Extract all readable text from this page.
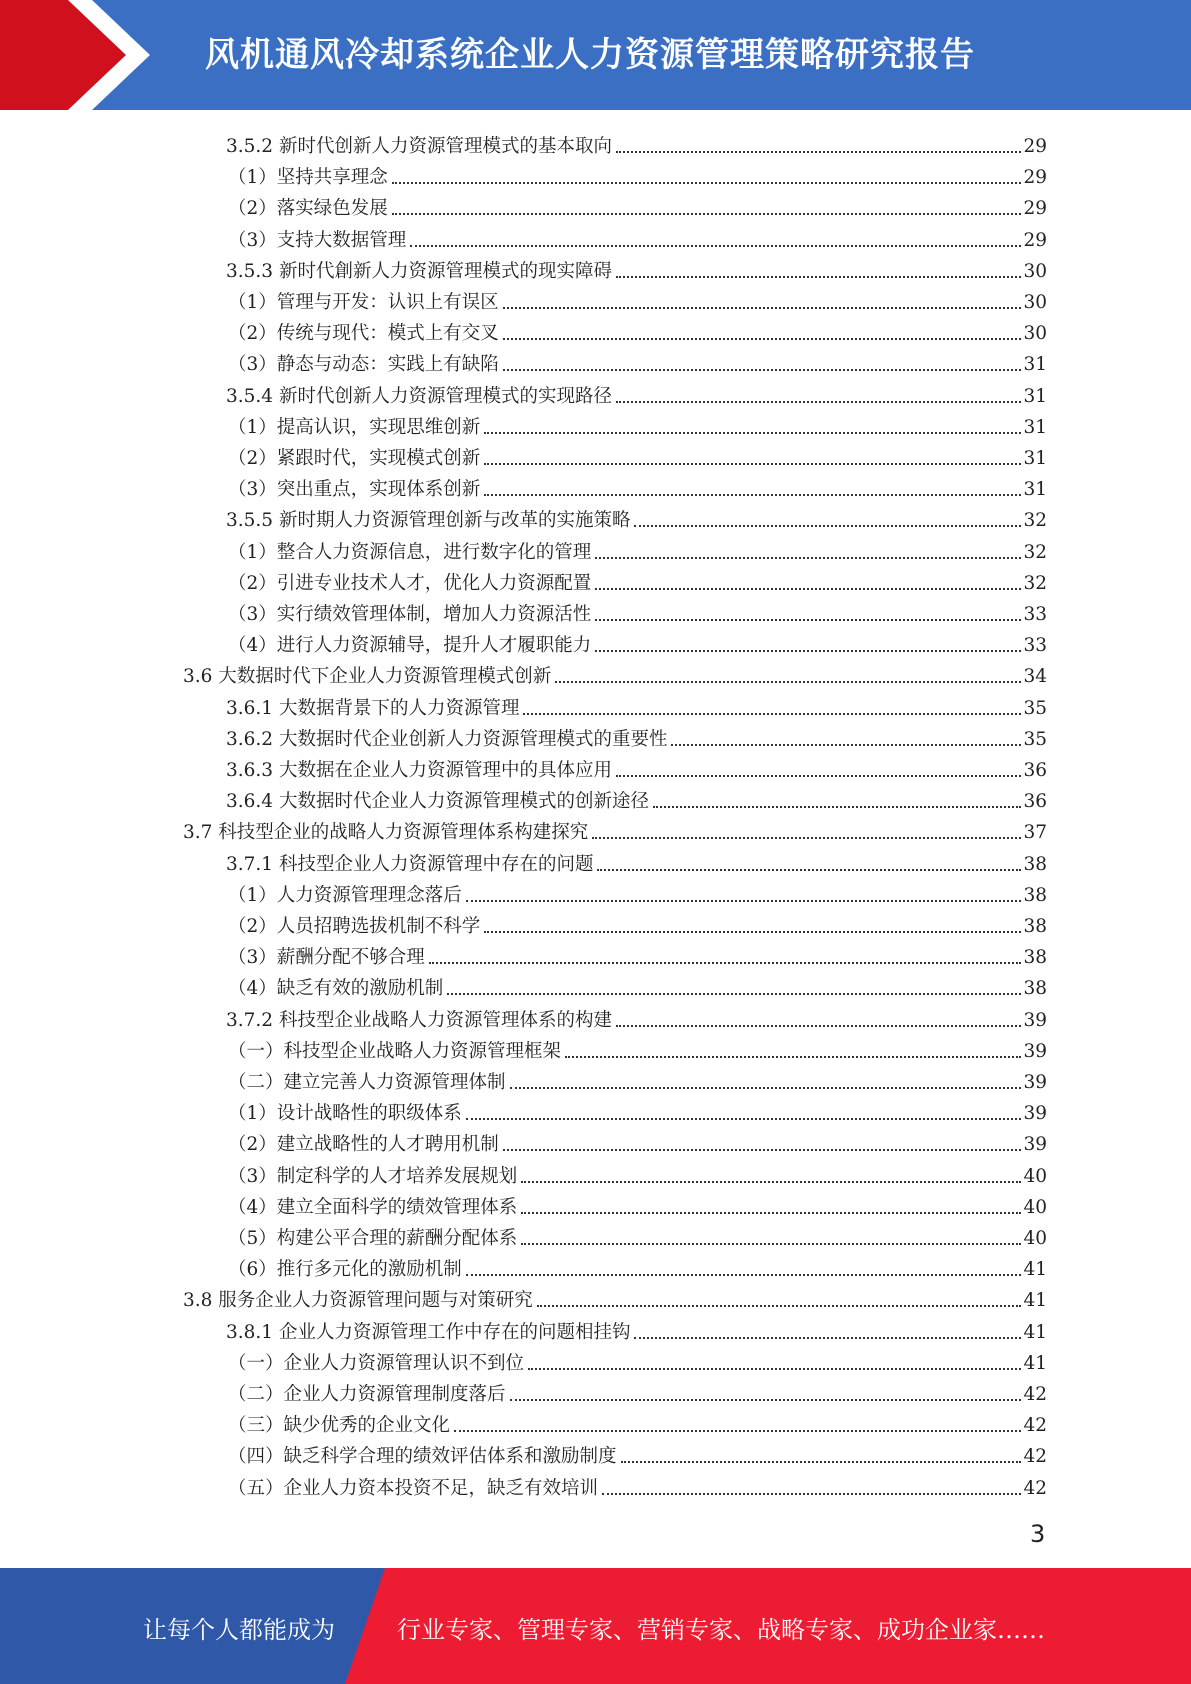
风机通风冷却系统企业人力资源管理策略研究报告
3.5.2 新时代创新人力资源管理模式的基本取向	29
（1）坚持共享理念	29
（2）落实绿色发展	29
（3）支持大数据管理	29
3.5.3 新时代創新人力资源管理模式的现实障碍	30
（1）管理与开发：认识上有误区	30
（2）传统与现代：模式上有交叉	30
（3）静态与动态：实践上有缺陷	31
3.5.4 新时代创新人力资源管理模式的实现路径	31
（1）提高认识，实现思维创新	31
（2）紧跟时代，实现模式创新	31
（3）突出重点，实现体系创新	31
3.5.5 新时期人力资源管理创新与改革的实施策略	32
（1）整合人力资源信息，进行数字化的管理	32
（2）引进专业技术人才，优化人力资源配置	32
（3）实行绩效管理体制，增加人力资源活性	33
（4）进行人力资源辅导，提升人才履职能力	33
3.6 大数据时代下企业人力资源管理模式创新	34
3.6.1 大数据背景下的人力资源管理	35
3.6.2 大数据时代企业创新人力资源管理模式的重要性	35
3.6.3 大数据在企业人力资源管理中的具体应用	36
3.6.4 大数据时代企业人力资源管理模式的创新途径	36
3.7 科技型企业的战略人力资源管理体系构建探究	37
3.7.1 科技型企业人力资源管理中存在的问题	38
（1）人力资源管理理念落后	38
（2）人员招聘选拔机制不科学	38
（3）薪酬分配不够合理	38
（4）缺乏有效的激励机制	38
3.7.2 科技型企业战略人力资源管理体系的构建	39
（一）科技型企业战略人力资源管理框架	39
（二）建立完善人力资源管理体制	39
（1）设计战略性的职级体系	39
（2）建立战略性的人才聘用机制	39
（3）制定科学的人才培养发展规划	40
（4）建立全面科学的绩效管理体系	40
（5）构建公平合理的薪酬分配体系	40
（6）推行多元化的激励机制	41
3.8 服务企业人力资源管理问题与对策研究	41
3.8.1 企业人力资源管理工作中存在的问题相挂钩	41
（一）企业人力资源管理认识不到位	41
（二）企业人力资源管理制度落后	42
（三）缺少优秀的企业文化	42
（四）缺乏科学合理的绩效评估体系和激励制度	42
（五）企业人力资本投资不足，缺乏有效培训	42
3
让每个人都能成为	行业专家、管理专家、营销专家、战略专家、成功企业家……
